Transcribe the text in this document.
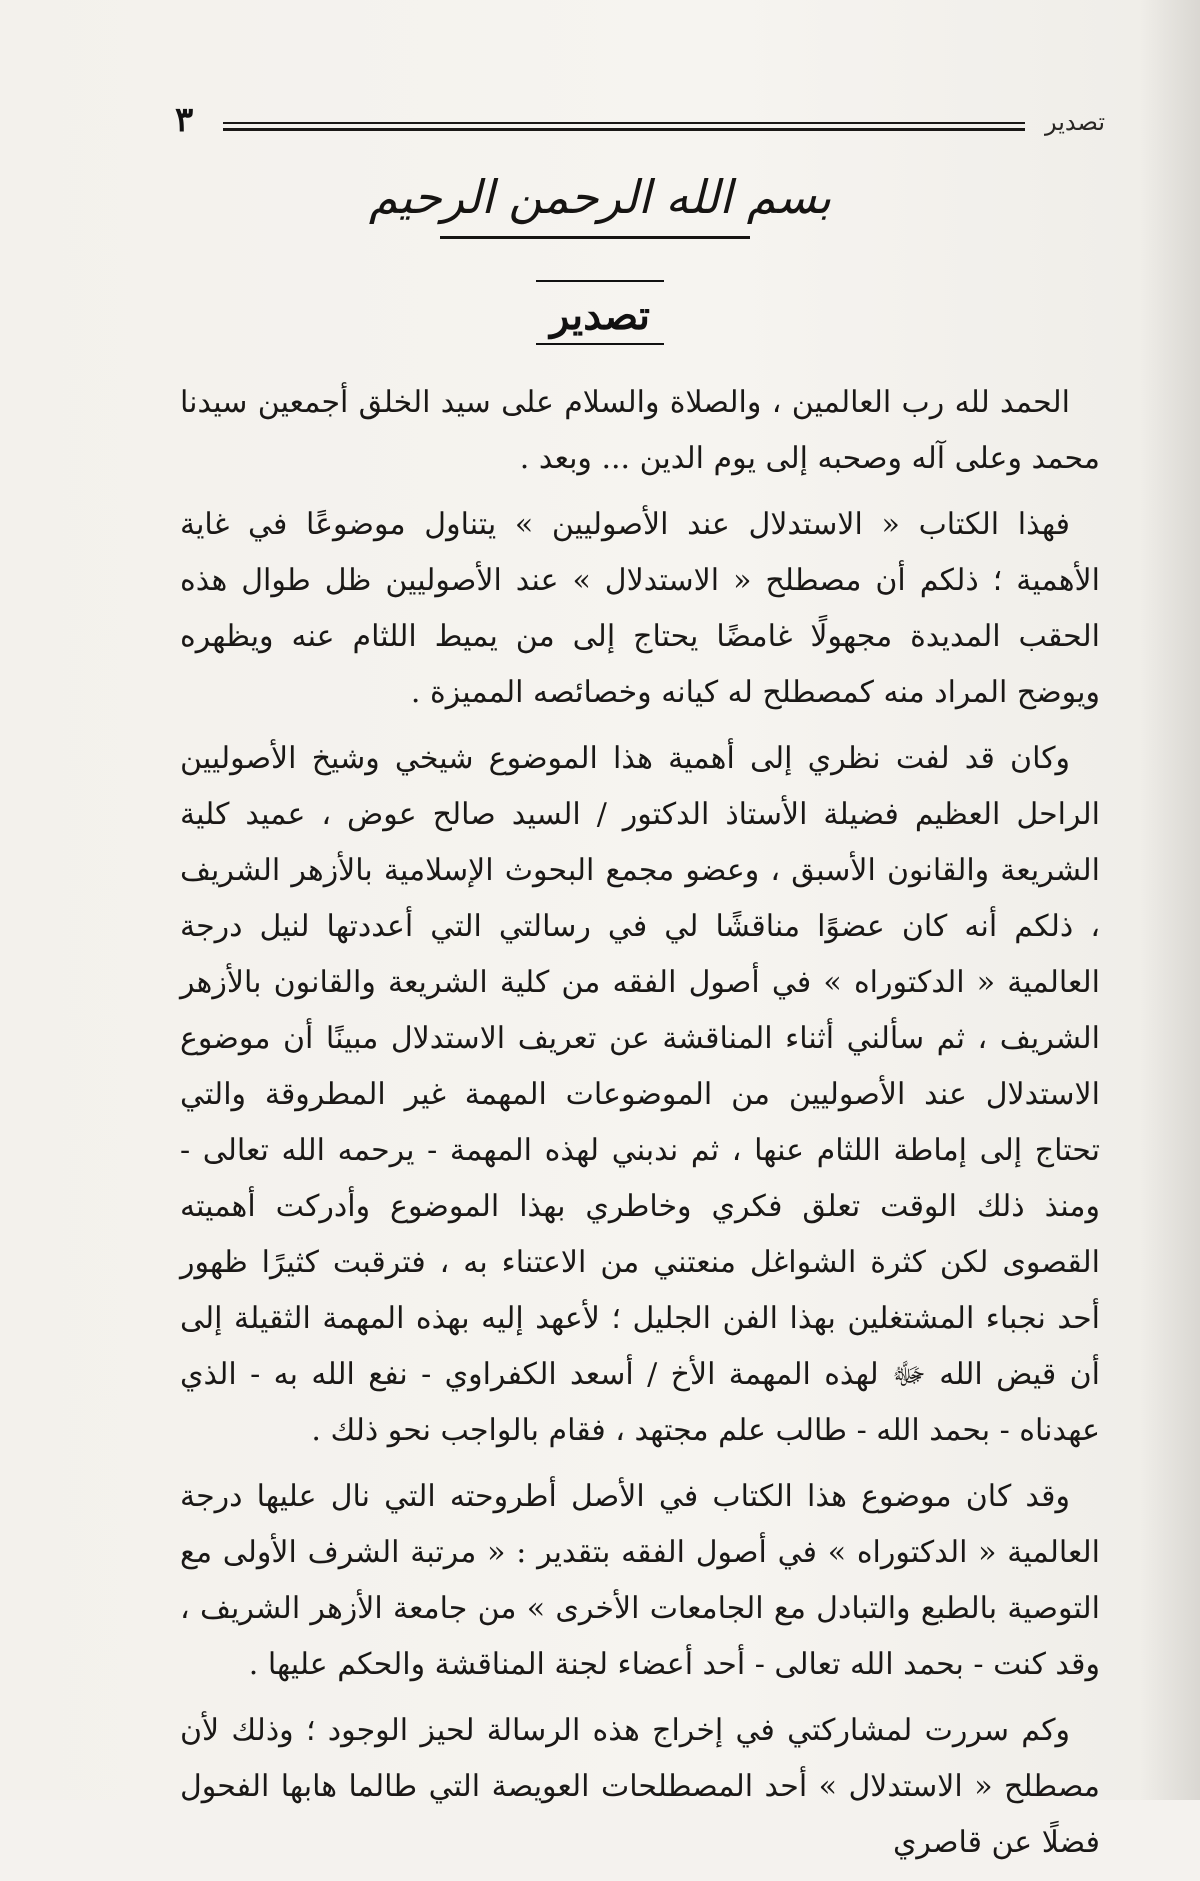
تصدير
٣
بسم الله الرحمن الرحيم
تصدير

الحمد لله رب العالمين ، والصلاة والسلام على سيد الخلق أجمعين سيدنا محمد وعلى آله وصحبه إلى يوم الدين ... وبعد .

فهذا الكتاب « الاستدلال عند الأصوليين » يتناول موضوعًا في غاية الأهمية ؛ ذلكم أن مصطلح « الاستدلال » عند الأصوليين ظل طوال هذه الحقب المديدة مجهولًا غامضًا يحتاج إلى من يميط اللثام عنه ويظهره ويوضح المراد منه كمصطلح له كيانه وخصائصه المميزة .

وكان قد لفت نظري إلى أهمية هذا الموضوع شيخي وشيخ الأصوليين الراحل العظيم فضيلة الأستاذ الدكتور / السيد صالح عوض ، عميد كلية الشريعة والقانون الأسبق ، وعضو مجمع البحوث الإسلامية بالأزهر الشريف ، ذلكم أنه كان عضوًا مناقشًا لي في رسالتي التي أعددتها لنيل درجة العالمية « الدكتوراه » في أصول الفقه من كلية الشريعة والقانون بالأزهر الشريف ، ثم سألني أثناء المناقشة عن تعريف الاستدلال مبينًا أن موضوع الاستدلال عند الأصوليين من الموضوعات المهمة غير المطروقة والتي تحتاج إلى إماطة اللثام عنها ، ثم ندبني لهذه المهمة - يرحمه الله تعالى - ومنذ ذلك الوقت تعلق فكري وخاطري بهذا الموضوع وأدركت أهميته القصوى لكن كثرة الشواغل منعتني من الاعتناء به ، فترقبت كثيرًا ظهور أحد نجباء المشتغلين بهذا الفن الجليل ؛ لأعهد إليه بهذه المهمة الثقيلة إلى أن قيض الله ﷻ لهذه المهمة الأخ / أسعد الكفراوي - نفع الله به - الذي عهدناه - بحمد الله - طالب علم مجتهد ، فقام بالواجب نحو ذلك .

وقد كان موضوع هذا الكتاب في الأصل أطروحته التي نال عليها درجة العالمية « الدكتوراه » في أصول الفقه بتقدير : « مرتبة الشرف الأولى مع التوصية بالطبع والتبادل مع الجامعات الأخرى » من جامعة الأزهر الشريف ، وقد كنت - بحمد الله تعالى - أحد أعضاء لجنة المناقشة والحكم عليها .

وكم سررت لمشاركتي في إخراج هذه الرسالة لحيز الوجود ؛ وذلك لأن مصطلح « الاستدلال » أحد المصطلحات العويصة التي طالما هابها الفحول فضلًا عن قاصري
